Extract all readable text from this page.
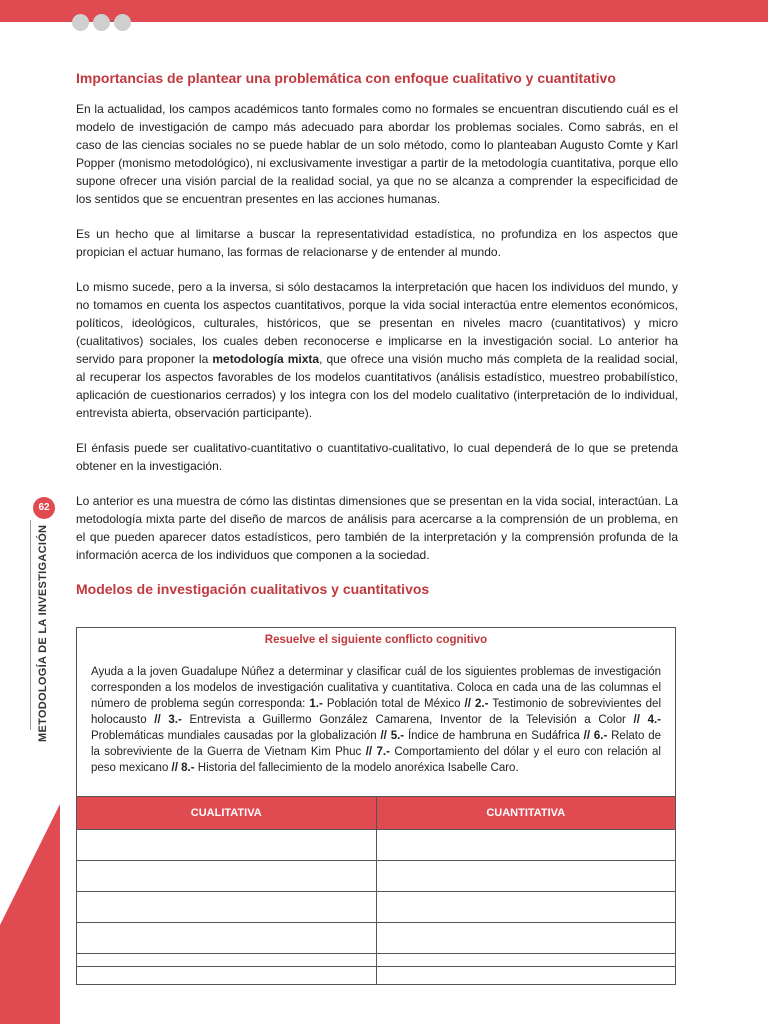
62
METODOLOGÍA DE LA INVESTIGACIÓN
Importancias de plantear una problemática con enfoque cualitativo y cuantitativo

En la actualidad, los campos académicos tanto formales como no formales se encuentran discutiendo cuál es el modelo de investigación de campo más adecuado para abordar los problemas sociales. Como sabrás, en el caso de las ciencias sociales no se puede hablar de un solo método, como lo planteaban Augusto Comte y Karl Popper (monismo metodológico), ni exclusivamente investigar a partir de la metodología cuantitativa, porque ello supone ofrecer una visión parcial de la realidad social, ya que no se alcanza a comprender la especificidad de los sentidos que se encuentran presentes en las acciones humanas.

Es un hecho que al limitarse a buscar la representatividad estadística, no profundiza en los aspectos que propician el actuar humano, las formas de relacionarse y de entender al mundo.

Lo mismo sucede, pero a la inversa, si sólo destacamos la interpretación que hacen los individuos del mundo, y no tomamos en cuenta los aspectos cuantitativos, porque la vida social interactúa entre elementos económicos, políticos, ideológicos, culturales, históricos, que se presentan en niveles macro (cuantitativos) y micro (cualitativos) sociales, los cuales deben reconocerse e implicarse en la investigación social. Lo anterior ha servido para proponer la metodología mixta, que ofrece una visión mucho más completa de la realidad social, al recuperar los aspectos favorables de los modelos cuantitativos (análisis estadístico, muestreo probabilístico, aplicación de cuestionarios cerrados) y los integra con los del modelo cualitativo (interpretación de lo individual, entrevista abierta, observación participante).

El énfasis puede ser cualitativo-cuantitativo o cuantitativo-cualitativo, lo cual dependerá de lo que se pretenda obtener en la investigación.

Lo anterior es una muestra de cómo las distintas dimensiones que se presentan en la vida social, interactúan. La metodología mixta parte del diseño de marcos de análisis para acercarse a la comprensión de un problema, en el que pueden aparecer datos estadísticos, pero también de la interpretación y la comprensión profunda de la información acerca de los individuos que componen a la sociedad.

Modelos de investigación cualitativos y cuantitativos
Resuelve el siguiente conflicto cognitivo
Ayuda a la joven Guadalupe Núñez a determinar y clasificar cuál de los siguientes problemas de investigación corresponden a los modelos de investigación cualitativa y cuantitativa. Coloca en cada una de las columnas el número de problema según corresponda: 1.- Población total de México // 2.- Testimonio de sobrevivientes del holocausto // 3.- Entrevista a Guillermo González Camarena, Inventor de la Televisión a Color // 4.- Problemáticas mundiales causadas por la globalización // 5.- Índice de hambruna en Sudáfrica // 6.- Relato de la sobreviviente de la Guerra de Vietnam Kim Phuc // 7.- Comportamiento del dólar y el euro con relación al peso mexicano // 8.- Historia del fallecimiento de la modelo anoréxica Isabelle Caro.
CUALITATIVA	CUANTITATIVA
